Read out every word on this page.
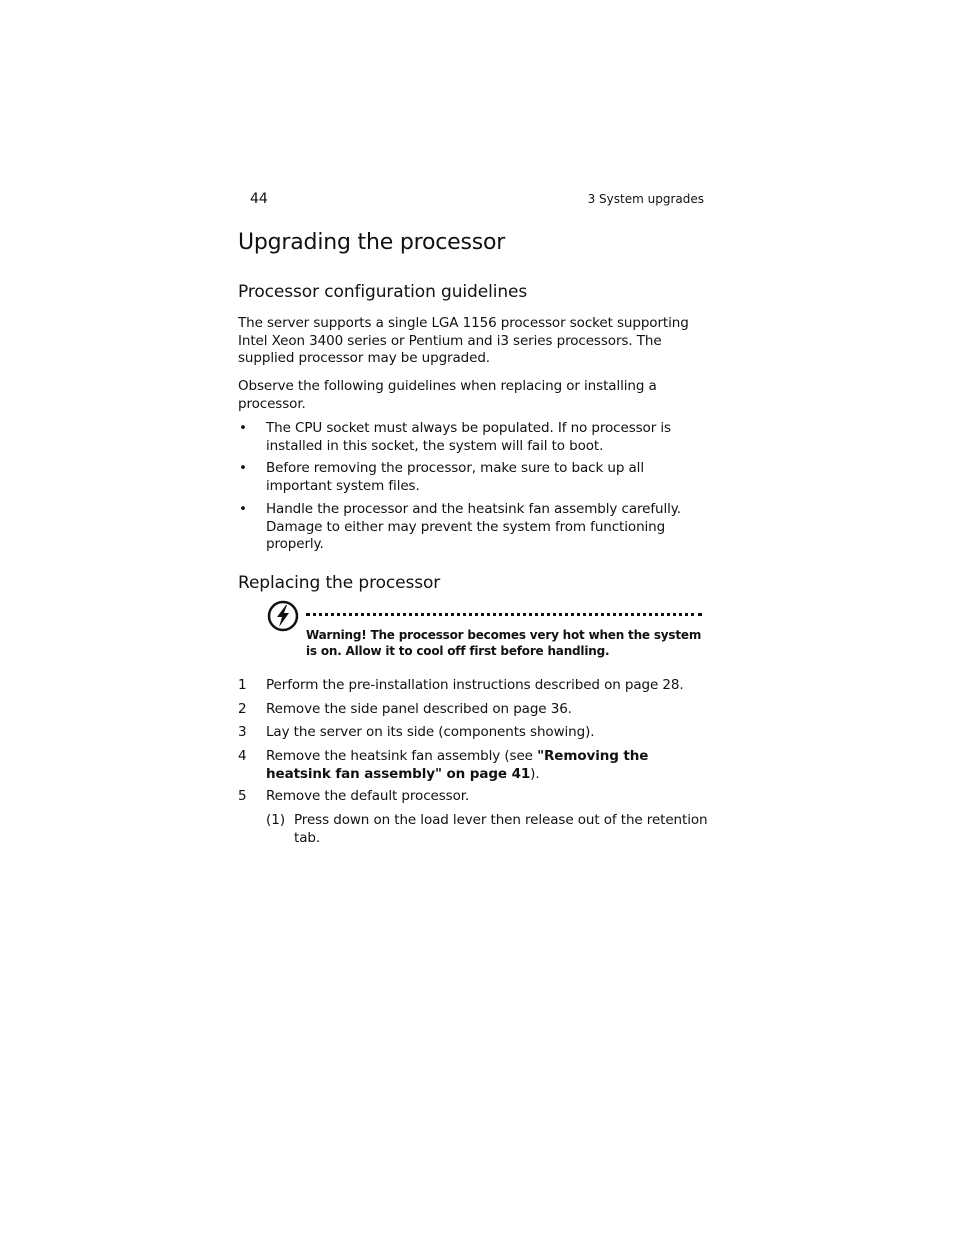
44	3 System upgrades
Upgrading the processor
Processor configuration guidelines
The server supports a single LGA 1156 processor socket supporting Intel Xeon 3400 series or Pentium and i3 series processors. The supplied processor may be upgraded.
Observe the following guidelines when replacing or installing a processor.
• The CPU socket must always be populated. If no processor is installed in this socket, the system will fail to boot.
• Before removing the processor, make sure to back up all important system files.
• Handle the processor and the heatsink fan assembly carefully. Damage to either may prevent the system from functioning properly.
Replacing the processor
Warning! The processor becomes very hot when the system is on. Allow it to cool off first before handling.
1 Perform the pre-installation instructions described on page 28.
2 Remove the side panel described on page 36.
3 Lay the server on its side (components showing).
4 Remove the heatsink fan assembly (see "Removing the heatsink fan assembly" on page 41).
5 Remove the default processor.
(1) Press down on the load lever then release out of the retention tab.
